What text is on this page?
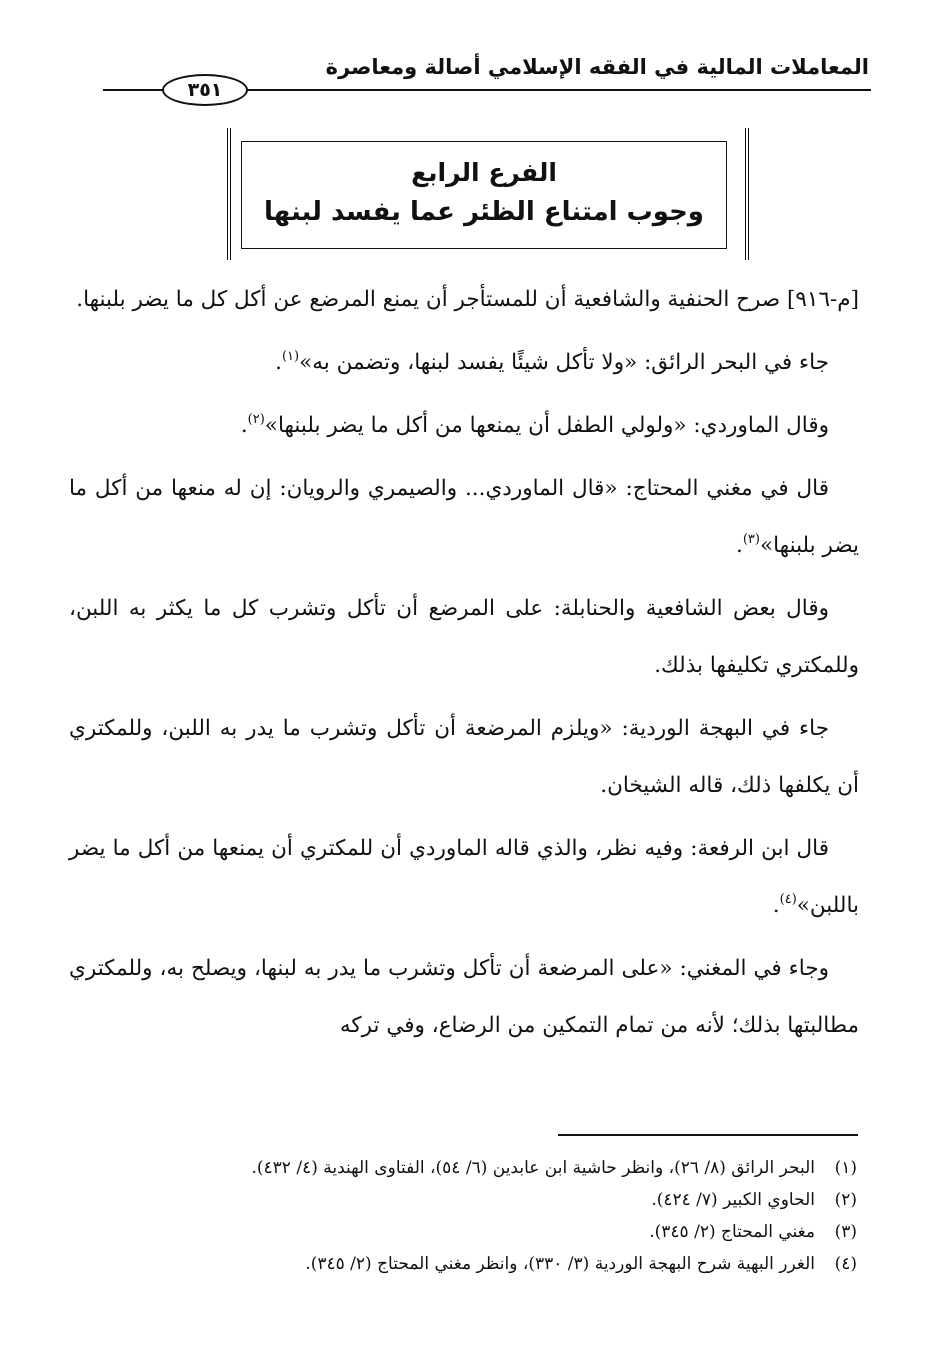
المعاملات المالية في الفقه الإسلامي أصالة ومعاصرة
٣٥١
الفرع الرابع
وجوب امتناع الظئر عما يفسد لبنها

[م-٩١٦] صرح الحنفية والشافعية أن للمستأجر أن يمنع المرضع عن أكل كل ما يضر بلبنها.

جاء في البحر الرائق: «ولا تأكل شيئًا يفسد لبنها، وتضمن به»$^{(١)}$.

وقال الماوردي: «ولولي الطفل أن يمنعها من أكل ما يضر بلبنها»$^{(٢)}$.

قال في مغني المحتاج: «قال الماوردي... والصيمري والرويان: إن له منعها من أكل ما يضر بلبنها»$^{(٣)}$.

وقال بعض الشافعية والحنابلة: على المرضع أن تأكل وتشرب كل ما يكثر به اللبن، وللمكتري تكليفها بذلك.

جاء في البهجة الوردية: «ويلزم المرضعة أن تأكل وتشرب ما يدر به اللبن، وللمكتري أن يكلفها ذلك، قاله الشيخان.

قال ابن الرفعة: وفيه نظر، والذي قاله الماوردي أن للمكتري أن يمنعها من أكل ما يضر باللبن»$^{(٤)}$.

وجاء في المغني: «على المرضعة أن تأكل وتشرب ما يدر به لبنها، ويصلح به، وللمكتري مطالبتها بذلك؛ لأنه من تمام التمكين من الرضاع، وفي تركه

(١)البحر الرائق (٨/ ٢٦)، وانظر حاشية ابن عابدين (٦/ ٥٤)، الفتاوى الهندية (٤/ ٤٣٢).
(٢)الحاوي الكبير (٧/ ٤٢٤).
(٣)مغني المحتاج (٢/ ٣٤٥).
(٤)الغرر البهية شرح البهجة الوردية (٣/ ٣٣٠)، وانظر مغني المحتاج (٢/ ٣٤٥).
